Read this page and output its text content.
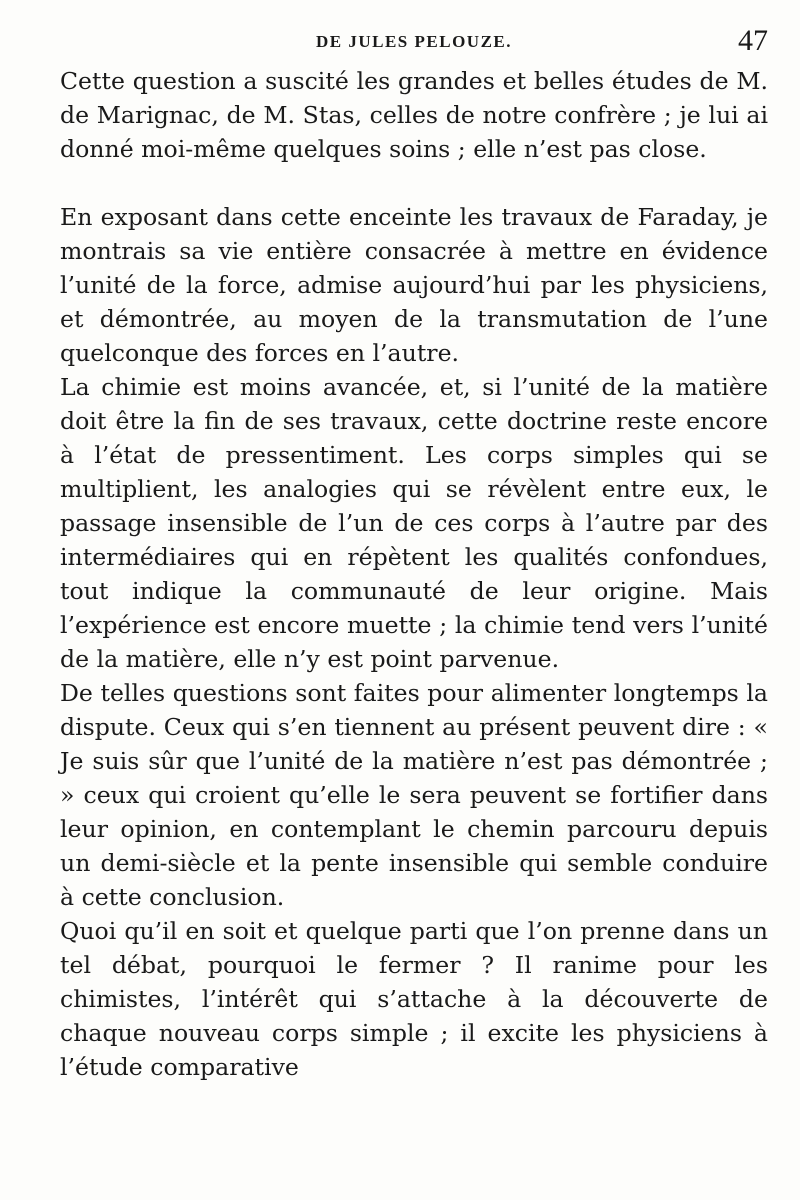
DE JULES PELOUZE.	47

Cette question a suscité les grandes et belles études de M. de Marignac, de M. Stas, celles de notre confrère ; je lui ai donné moi-même quelques soins ; elle n’est pas close.

En exposant dans cette enceinte les travaux de Faraday, je montrais sa vie entière consacrée à mettre en évidence l’unité de la force, admise aujourd’hui par les physiciens, et démontrée, au moyen de la transmutation de l’une quelconque des forces en l’autre.

La chimie est moins avancée, et, si l’unité de la matière doit être la fin de ses travaux, cette doctrine reste encore à l’état de pressentiment. Les corps simples qui se multiplient, les analogies qui se révèlent entre eux, le passage insensible de l’un de ces corps à l’autre par des intermédiaires qui en répètent les qualités confondues, tout indique la communauté de leur origine. Mais l’expérience est encore muette ; la chimie tend vers l’unité de la matière, elle n’y est point parvenue.

De telles questions sont faites pour alimenter longtemps la dispute. Ceux qui s’en tiennent au présent peuvent dire : « Je suis sûr que l’unité de la matière n’est pas démontrée ; » ceux qui croient qu’elle le sera peuvent se fortifier dans leur opinion, en contemplant le chemin parcouru depuis un demi-siècle et la pente insensible qui semble conduire à cette conclusion.

Quoi qu’il en soit et quelque parti que l’on prenne dans un tel débat, pourquoi le fermer ? Il ranime pour les chimistes, l’intérêt qui s’attache à la découverte de chaque nouveau corps simple ; il excite les physiciens à l’étude comparative
